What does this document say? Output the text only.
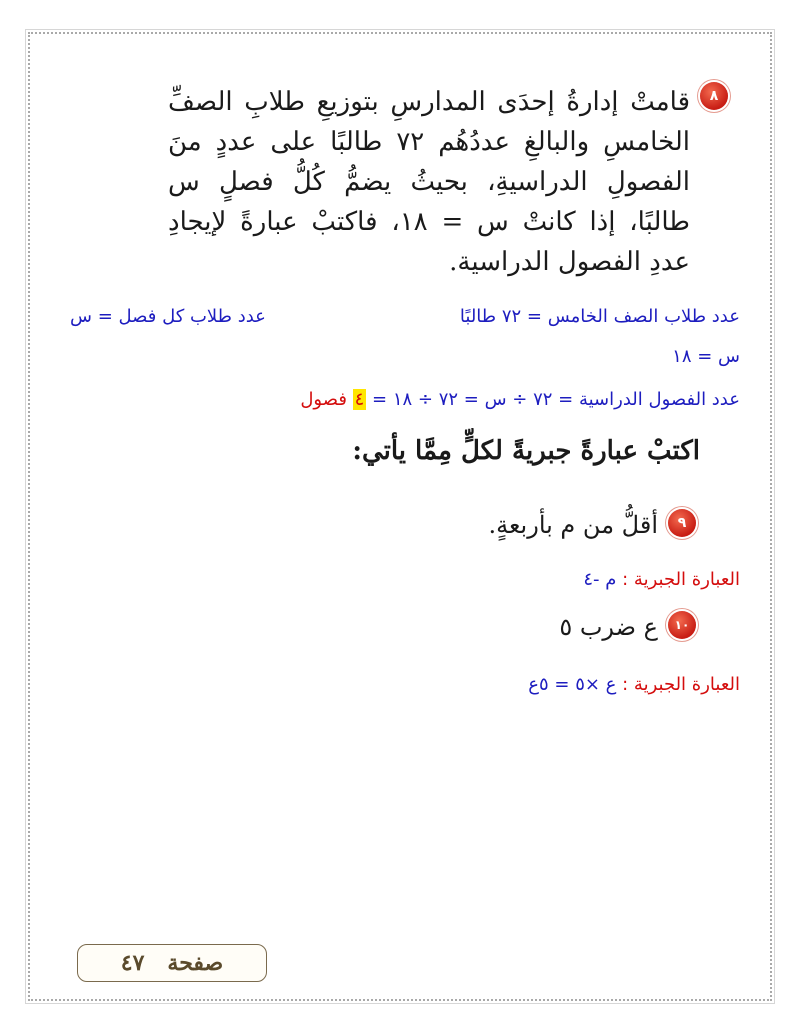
٨
قامتْ إدارةُ إحدَى المدارسِ بتوزيعِ طلابِ الصفِّ الخامسِ والبالغِ عددُهُم ٧٢ طالبًا على عددٍ منَ الفصولِ الدراسيةِ، بحيثُ يضمُّ كُلُّ فصلٍ س طالبًا، إذا كانتْ س = ١٨، فاكتبْ عبارةً لإيجادِ عددِ الفصول الدراسية.
عدد طلاب الصف الخامس = ٧٢ طالبًا
عدد طلاب كل فصل = س
س = ١٨
عدد الفصول الدراسية = ٧٢ ÷ س = ٧٢ ÷ ١٨ = ٤ فصول
اكتبْ عبارةً جبريةً لكلٍّ مِمَّا يأتي:
٩
أقلُّ من م بأربعةٍ.
العبارة الجبرية : م -٤
١٠
ع ضرب ٥
العبارة الجبرية : ع ×٥ = ٥ع
صفحة

٤٧
